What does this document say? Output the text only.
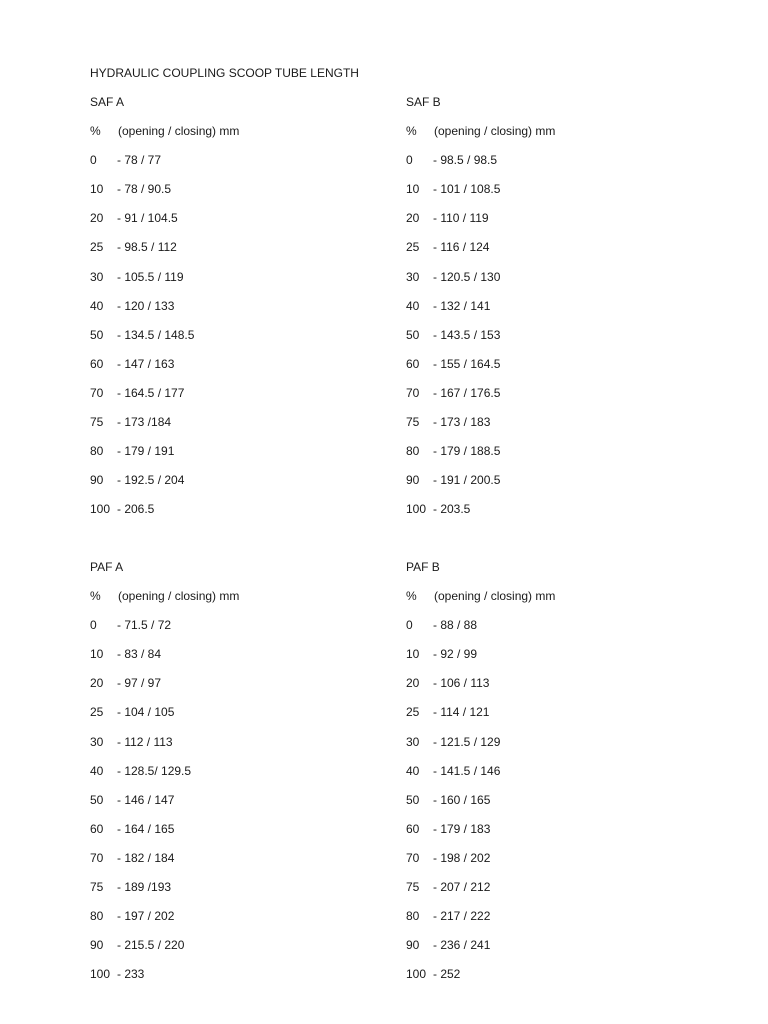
HYDRAULIC COUPLING SCOOP TUBE LENGTH
SAF A
% (opening / closing) mm
0 - 78 / 77
10 - 78 / 90.5
20 - 91 / 104.5
25 - 98.5 / 112
30 - 105.5 / 119
40 - 120 / 133
50 - 134.5 / 148.5
60 - 147 / 163
70 - 164.5 / 177
75 - 173 /184
80 - 179 / 191
90 - 192.5 / 204
100 - 206.5
SAF B
% (opening / closing) mm
0 - 98.5 / 98.5
10 - 101 / 108.5
20 - 110 / 119
25 - 116 / 124
30 - 120.5 / 130
40 - 132 / 141
50 - 143.5 / 153
60 - 155 / 164.5
70 - 167 / 176.5
75 - 173 / 183
80 - 179 / 188.5
90 - 191 / 200.5
100 - 203.5
PAF A
% (opening / closing) mm
0 - 71.5 / 72
10 - 83 / 84
20 - 97 / 97
25 - 104 / 105
30 - 112 / 113
40 - 128.5/ 129.5
50 - 146 / 147
60 - 164 / 165
70 - 182 / 184
75 - 189 /193
80 - 197 / 202
90 - 215.5 / 220
100 - 233
PAF B
% (opening / closing) mm
0 - 88 / 88
10 - 92 / 99
20 - 106 / 113
25 - 114 / 121
30 - 121.5 / 129
40 - 141.5 / 146
50 - 160 / 165
60 - 179 / 183
70 - 198 / 202
75 - 207 / 212
80 - 217 / 222
90 - 236 / 241
100 - 252
